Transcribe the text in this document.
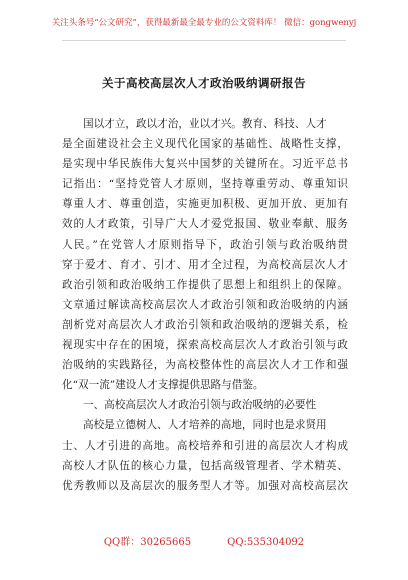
关注头条号“公文研究”，获得最新最全最专业的公文资料库！ 微信：gongwenyj
关于高校高层次人才政治吸纳调研报告
国以才立，政以才治，业以才兴。教育、科技、人才
是全面建设社会主义现代化国家的基础性、战略性支撑，
是实现中华民族伟大复兴中国梦的关键所在。习近平总书
记指出：“坚持党管人才原则，坚持尊重劳动、尊重知识
尊重人才、尊重创造，实施更加积极、更加开放、更加有
效的人才政策，引导广大人才爱党报国、敬业奉献、服务
人民。”在党管人才原则指导下，政治引领与政治吸纳贯
穿于爱才、育才、引才、用才全过程，为高校高层次人才
政治引领和政治吸纳工作提供了思想上和组织上的保障。
文章通过解读高校高层次人才政治引领和政治吸纳的内涵
剖析党对高层次人才政治引领和政治吸纳的逻辑关系，检
视现实中存在的困境，探索高校高层次人才政治引领与政
治吸纳的实践路径，为高校整体性的高层次人才工作和强
化“双一流”建设人才支撑提供思路与借鉴。
一、高校高层次人才政治引领与政治吸纳的必要性
高校是立德树人、人才培养的高地，同时也是求贤用
士、人才引进的高地。高校培养和引进的高层次人才构成
高校人才队伍的核心力量，包括高级管理者、学术精英、
优秀教师以及高层次的服务型人才等。加强对高校高层次
QQ群：30265665	QQ:535304092
